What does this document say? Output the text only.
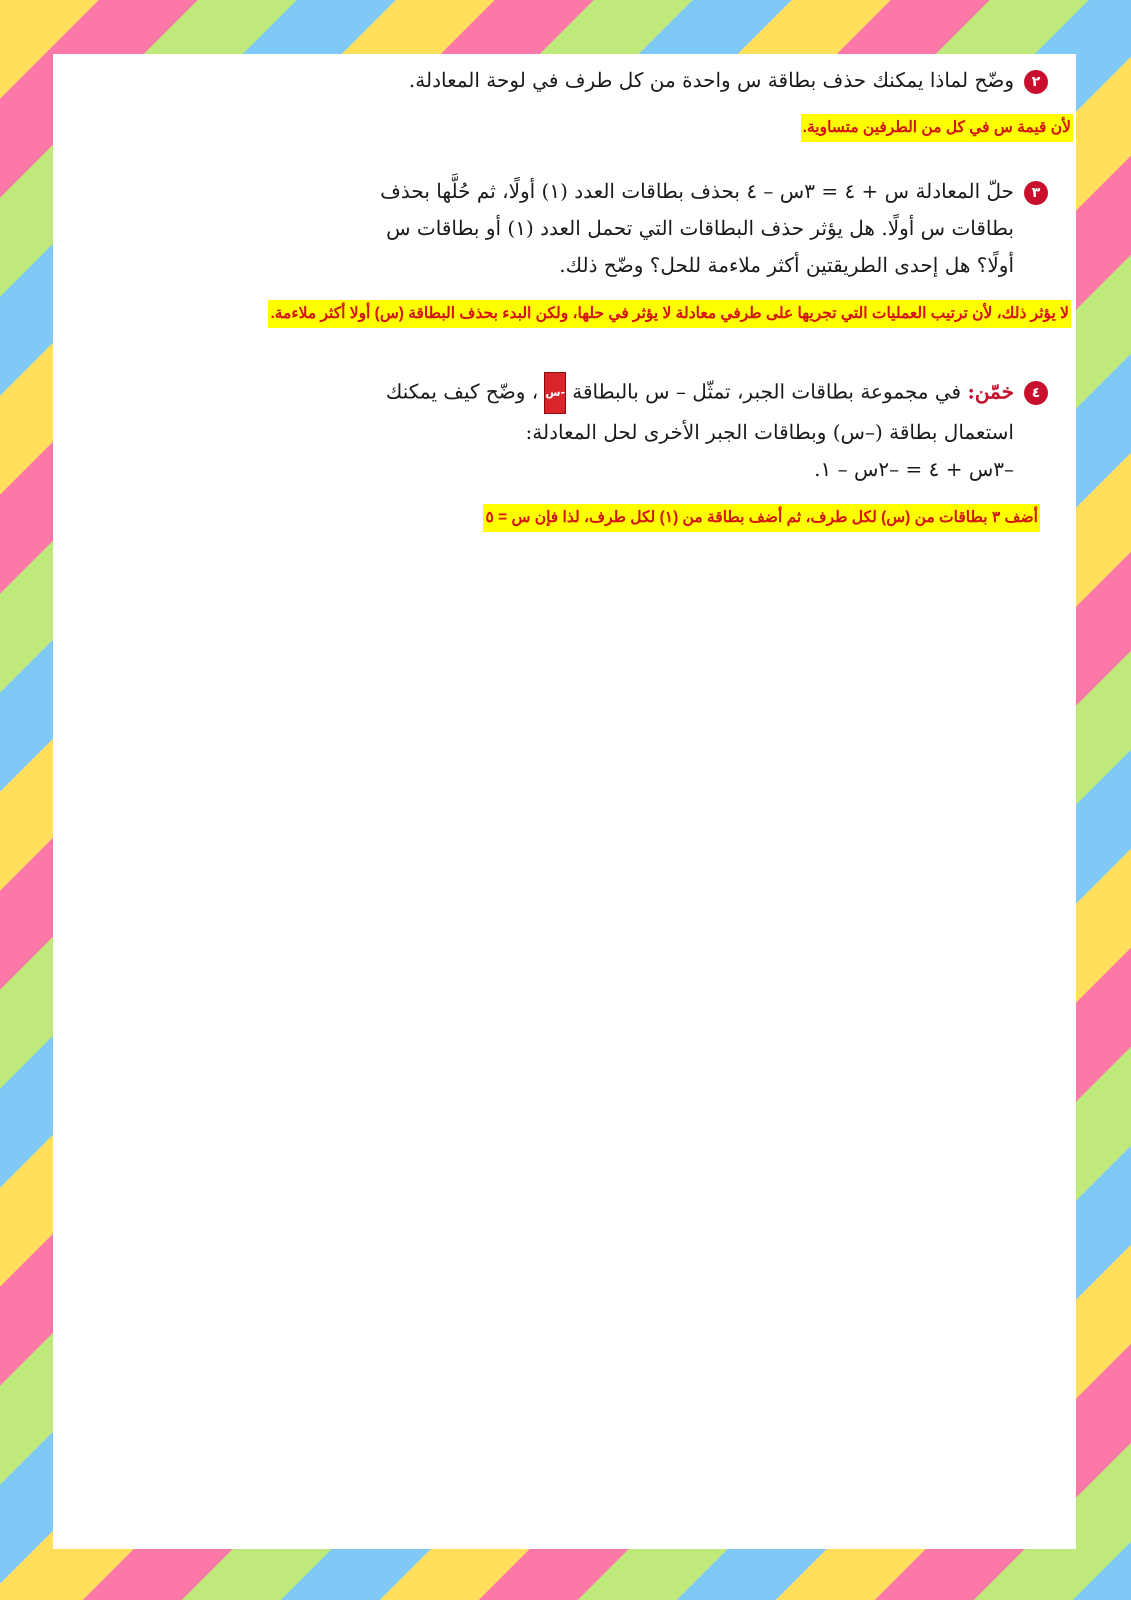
٢وضّح لماذا يمكنك حذف بطاقة س واحدة من كل طرف في لوحة المعادلة.
لأن قيمة س في كل من الطرفين متساوية.
٣حلّ المعادلة س + ٤ = ٣س – ٤ بحذف بطاقات العدد (١) أولًا، ثم حُلَّها بحذف
بطاقات س أولًا. هل يؤثر حذف البطاقات التي تحمل العدد (١) أو بطاقات س
أولًا؟ هل إحدى الطريقتين أكثر ملاءمة للحل؟ وضّح ذلك.
لا يؤثر ذلك، لأن ترتيب العمليات التي تجريها على طرفي معادلة لا يؤثر في حلها، ولكن البدء بحذف البطاقة (س) أولا أكثر ملاءمة.
٤خمّن: في مجموعة بطاقات الجبر، تمثّل – س بالبطاقة-س، وضّح كيف يمكنك
استعمال بطاقة (–س) وبطاقات الجبر الأخرى لحل المعادلة:
–٣س + ٤ = –٢س – ١.
أضف ٣ بطاقات من (س) لكل طرف، ثم أضف بطاقة من (١) لكل طرف، لذا فإن س = ٥
